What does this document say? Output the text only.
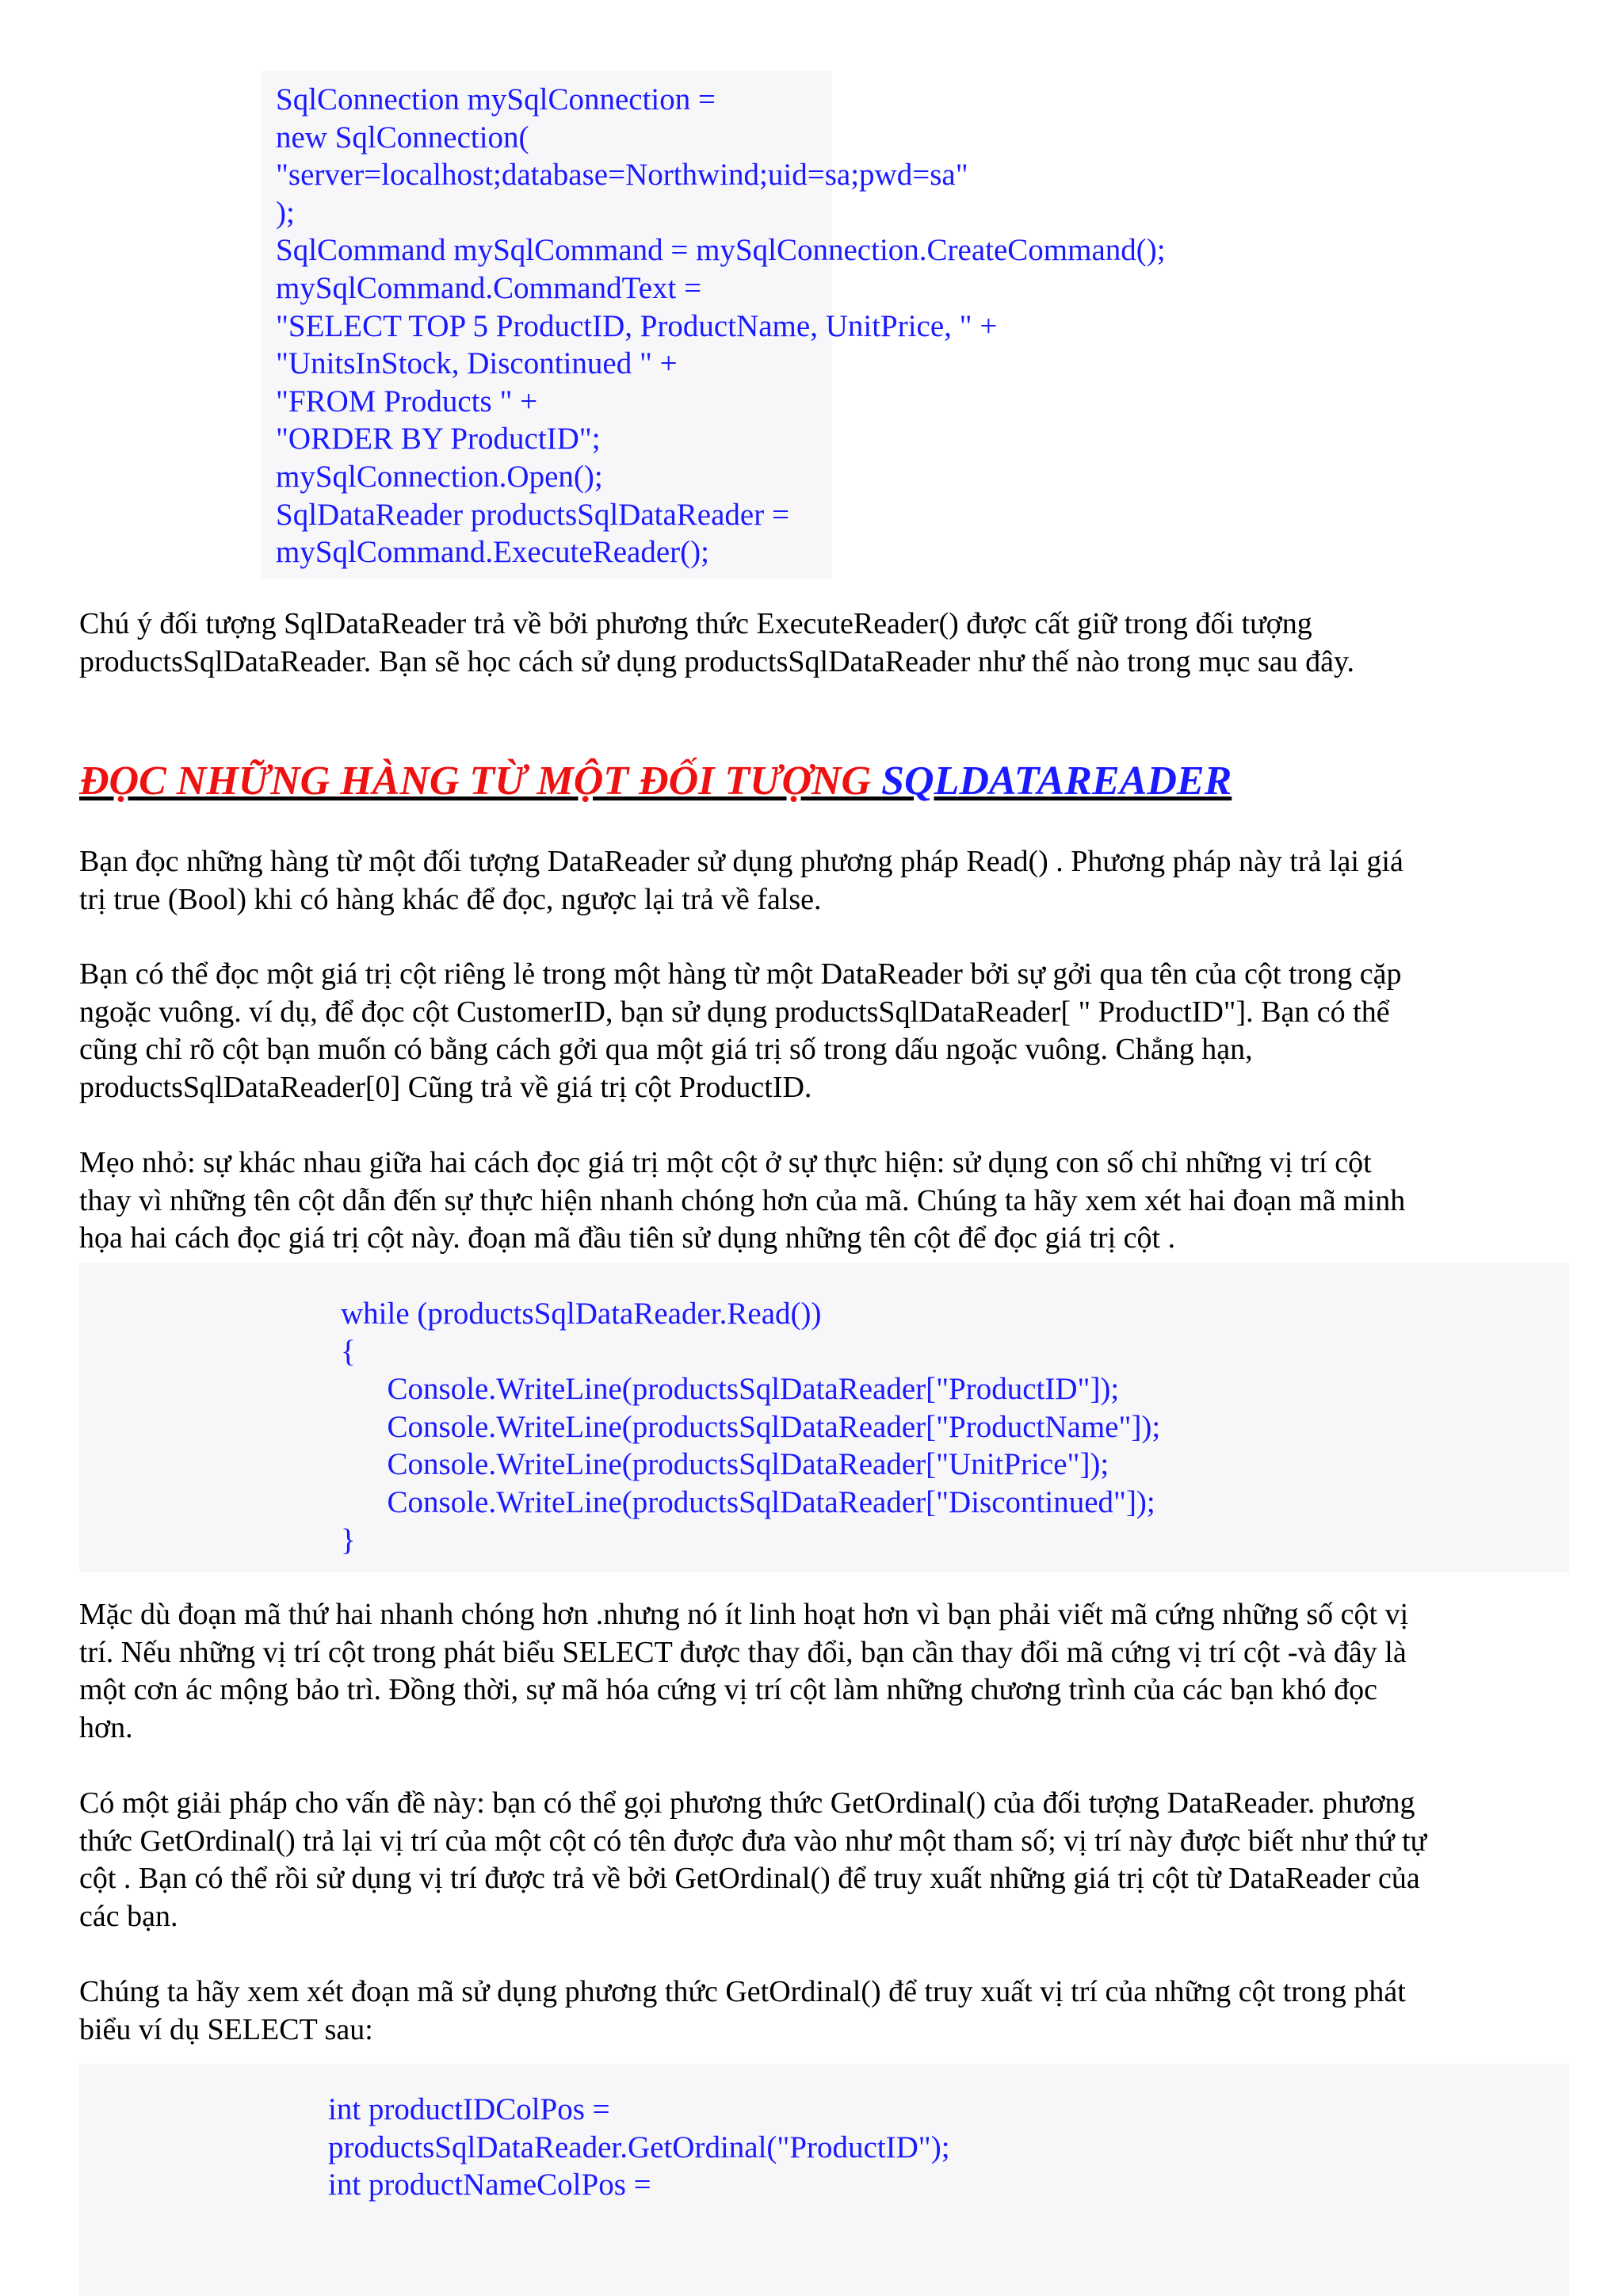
SqlConnection mySqlConnection =
new SqlConnection(
"server=localhost;database=Northwind;uid=sa;pwd=sa"
);
SqlCommand mySqlCommand = mySqlConnection.CreateCommand();
mySqlCommand.CommandText =
"SELECT TOP 5 ProductID, ProductName, UnitPrice, " +
"UnitsInStock, Discontinued " +
"FROM Products " +
"ORDER BY ProductID";
mySqlConnection.Open();
SqlDataReader productsSqlDataReader =
mySqlCommand.ExecuteReader();
Chú ý đối tượng SqlDataReader trả về bởi phương thức ExecuteReader() được cất giữ trong đối tượng
productsSqlDataReader. Bạn sẽ học cách sử dụng productsSqlDataReader như thế nào trong mục sau đây.
ĐỌC NHỮNG HÀNG TỪ MỘT ĐỐI TƯỢNG SQLDATAREADER
Bạn đọc những hàng từ một đối tượng DataReader sử dụng phương pháp Read() . Phương pháp này trả lại giá
trị true (Bool) khi có hàng khác để đọc, ngược lại trả về false.
Bạn có thể đọc một giá trị cột riêng lẻ trong một hàng từ một DataReader bởi sự gởi qua tên của cột trong cặp
ngoặc vuông. ví dụ, để đọc cột CustomerID, bạn sử dụng productsSqlDataReader[ " ProductID"]. Bạn có thể
cũng chỉ rõ cột bạn muốn có bằng cách gởi qua một giá trị số trong dấu ngoặc vuông. Chẳng hạn,
productsSqlDataReader[0] Cũng trả về giá trị cột ProductID.
Mẹo nhỏ: sự khác nhau giữa hai cách đọc giá trị một cột ở sự thực hiện: sử dụng con số chỉ những vị trí cột
thay vì những tên cột dẫn đến sự thực hiện nhanh chóng hơn của mã. Chúng ta hãy xem xét hai đoạn mã minh
họa hai cách đọc giá trị cột này. đoạn mã đầu tiên sử dụng những tên cột để đọc giá trị cột .
while (productsSqlDataReader.Read())
{
Console.WriteLine(productsSqlDataReader["ProductID"]);
Console.WriteLine(productsSqlDataReader["ProductName"]);
Console.WriteLine(productsSqlDataReader["UnitPrice"]);
Console.WriteLine(productsSqlDataReader["Discontinued"]);
}
Mặc dù đoạn mã thứ hai nhanh chóng hơn .nhưng nó ít linh hoạt hơn vì bạn phải viết mã cứng những số cột vị
trí. Nếu những vị trí cột trong phát biểu SELECT được thay đổi, bạn cần thay đổi mã cứng vị trí cột -và đây là
một cơn ác mộng bảo trì. Đồng thời, sự mã hóa cứng vị trí cột làm những chương trình của các bạn khó đọc
hơn.
Có một giải pháp cho vấn đề này: bạn có thể gọi phương thức GetOrdinal() của đối tượng DataReader. phương
thức GetOrdinal() trả lại vị trí của một cột có tên được đưa vào như một tham số; vị trí này được biết như thứ tự
cột . Bạn có thể rồi sử dụng vị trí được trả về bởi GetOrdinal() để truy xuất những giá trị cột từ DataReader của
các bạn.
Chúng ta hãy xem xét đoạn mã sử dụng phương thức GetOrdinal() để truy xuất vị trí của những cột trong phát
biểu ví dụ SELECT sau:
int productIDColPos =
productsSqlDataReader.GetOrdinal("ProductID");
int productNameColPos =
